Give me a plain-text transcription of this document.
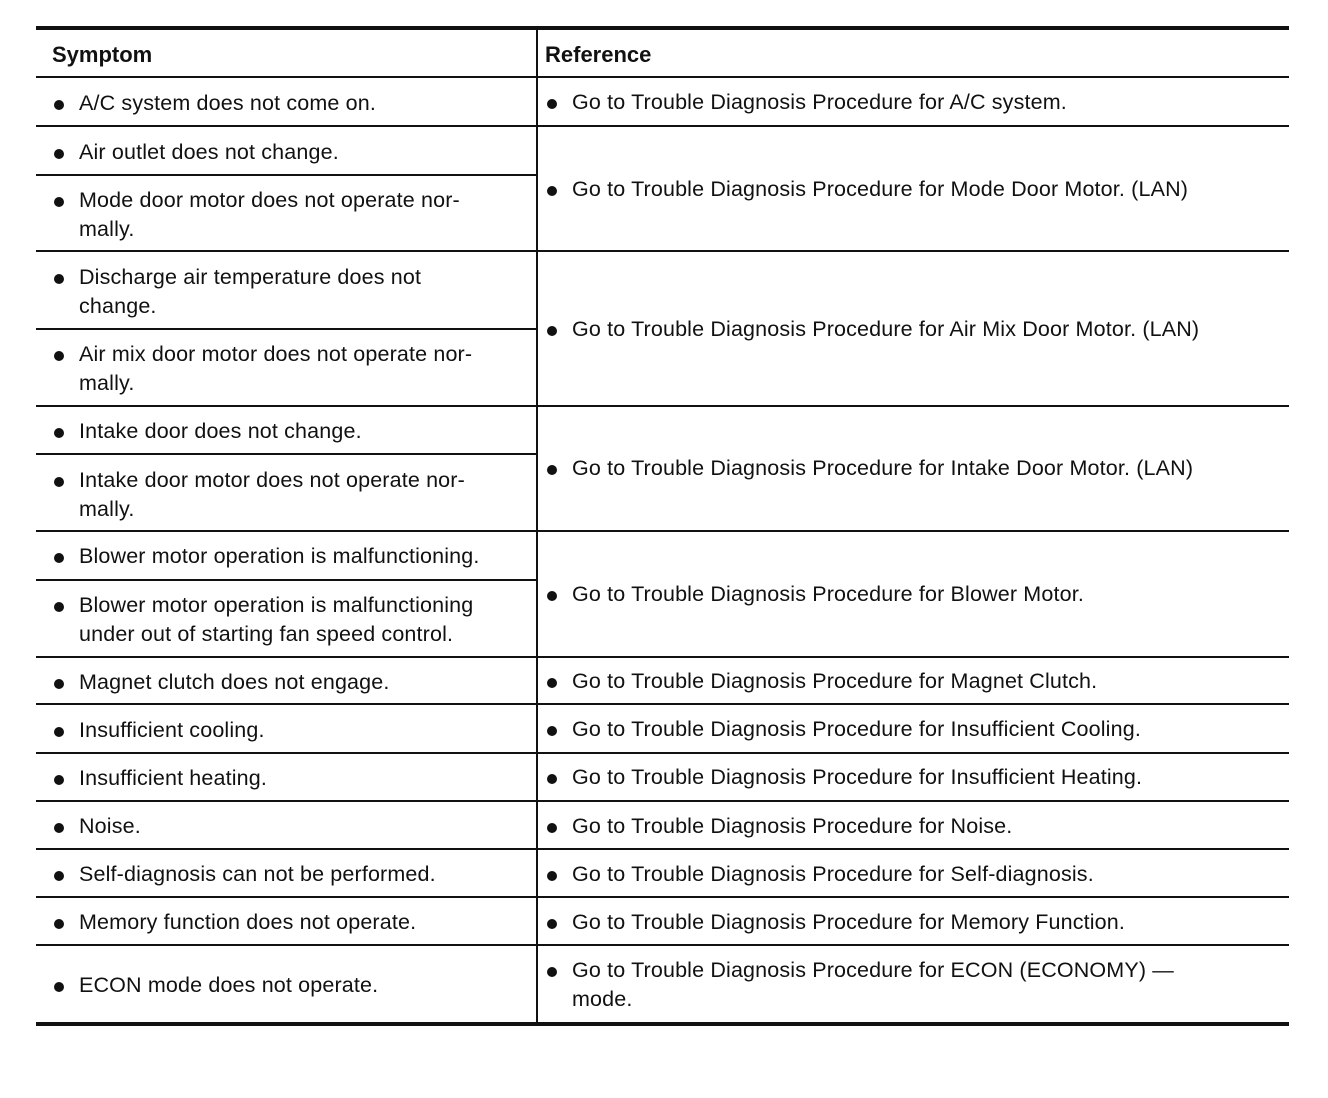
Symptom	Reference
A/C system does not come on.
Air outlet does not change.
Mode door motor does not operate nor-
mally.
Discharge air temperature does not
change.
Air mix door motor does not operate nor-
mally.
Intake door does not change.
Intake door motor does not operate nor-
mally.
Blower motor operation is malfunctioning.
Blower motor operation is malfunctioning
under out of starting fan speed control.
Magnet clutch does not engage.
Insufficient cooling.
Insufficient heating.
Noise.
Self-diagnosis can not be performed.
Memory function does not operate.
ECON mode does not operate.
Go to Trouble Diagnosis Procedure for A/C system.
Go to Trouble Diagnosis Procedure for Mode Door Motor. (LAN)
Go to Trouble Diagnosis Procedure for Air Mix Door Motor. (LAN)
Go to Trouble Diagnosis Procedure for Intake Door Motor. (LAN)
Go to Trouble Diagnosis Procedure for Blower Motor.
Go to Trouble Diagnosis Procedure for Magnet Clutch.
Go to Trouble Diagnosis Procedure for Insufficient Cooling.
Go to Trouble Diagnosis Procedure for Insufficient Heating.
Go to Trouble Diagnosis Procedure for Noise.
Go to Trouble Diagnosis Procedure for Self-diagnosis.
Go to Trouble Diagnosis Procedure for Memory Function.
Go to Trouble Diagnosis Procedure for ECON (ECONOMY) —
mode.
